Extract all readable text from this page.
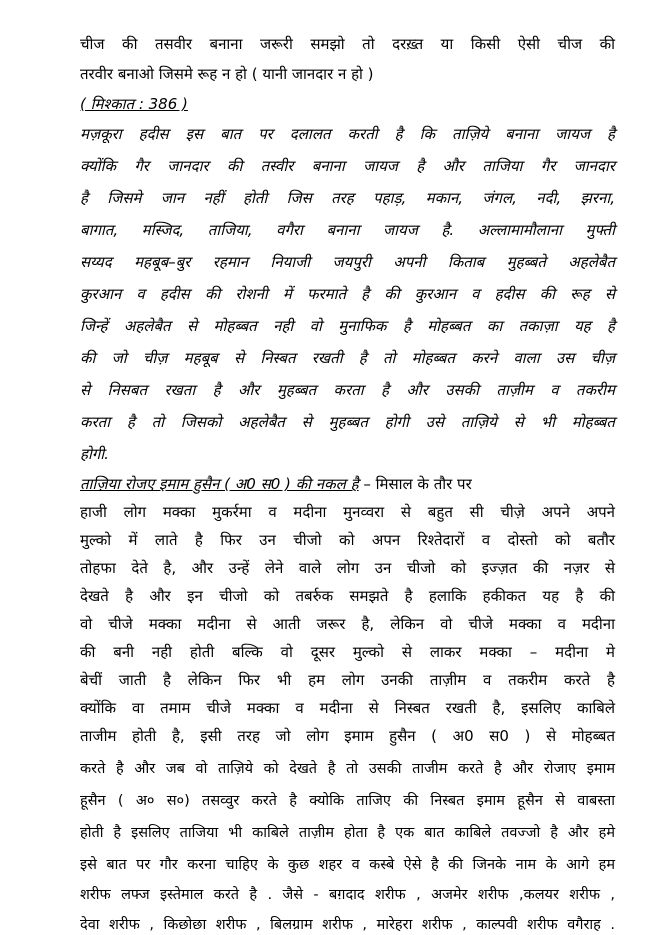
चीज की तसवीर बनाना जरूरी समझो तो दरख़्त या किसी ऐसी चीज की
तरवीर बनाओ जिसमे रूह न हो ( यानी जानदार न हो )
( मिश्कात : 386 )
मज़कूरा हदीस इस बात पर दलालत करती है कि ताज़िये बनाना जायज है
क्योंकि गैर जानदार की तस्वीर बनाना जायज है और ताजिया गैर जानदार
है जिसमे जान नहीं होती जिस तरह पहाड़, मकान, जंगल, नदी, झरना,
बागात, मस्जिद, ताजिया, वगैरा बनाना जायज है. अल्लामामौलाना मुफ्ती
सय्यद महबूब–बुर रहमान नियाजी जयपुरी अपनी किताब मुहब्बते अहलेबैत
कुरआन व हदीस की रोशनी में फरमाते है की कुरआन व हदीस की रूह से
जिन्हें अहलेबैत से मोहब्बत नही वो मुनाफिक है मोहब्बत का तकाज़ा यह है
की जो चीज़ महबूब से निस्बत रखती है तो मोहब्बत करने वाला उस चीज़
से निसबत रखता है और मुहब्बत करता है और उसकी ताज़ीम व तकरीम
करता है तो जिसको अहलेबैत से मुहब्बत होगी उसे ताज़िये से भी मोहब्बत
होगी.
ताज़िया रोजए इमाम हुसैन ( अ0 स0 ) की नकल है – मिसाल के तौर पर
हाजी लोग मक्का मुकर्रमा व मदीना मुनव्वरा से बहुत सी चीज़े अपने अपने
मुल्को में लाते है फिर उन चीजो को अपन रिश्तेदारों व दोस्तो को बतौर
तोहफा देते है, और उन्हें लेने वाले लोग उन चीजो को इज्ज़त की नज़र से
देखते है और इन चीजो को तबर्रुक समझते है हलाकि हकीकत यह है की
वो चीजे मक्का मदीना से आती जरूर है, लेकिन वो चीजे मक्का व मदीना
की बनी नही होती बल्कि वो दूसर मुल्को से लाकर मक्का – मदीना मे
बेचीं जाती है लेकिन फिर भी हम लोग उनकी ताज़ीम व तकरीम करते है
क्योंकि वा तमाम चीजे मक्का व मदीना से निस्बत रखती है, इसलिए काबिले
ताजीम होती है, इसी तरह जो लोग इमाम हुसैन ( अ0 स0 ) से मोहब्बत
करते है और जब वो ताज़िये को देखते है तो उसकी ताजीम करते है और रोजाए इमाम
हूसैन ( अ० स०) तसव्वुर करते है क्योकि ताजिए की निस्बत इमाम हूसैन से वाबस्ता
होती है इसलिए ताजिया भी काबिले ताज़ीम होता है एक बात काबिले तवज्जो है और हमे
इसे बात पर गौर करना चाहिए के कुछ शहर व कस्बे ऐसे है की जिनके नाम के आगे हम
शरीफ लफ्ज इस्तेमाल करते है . जैसे - बग़दाद शरीफ , अजमेर शरीफ ,कलयर शरीफ ,
देवा शरीफ , किछोछा शरीफ , बिलग्राम शरीफ , मारेहरा शरीफ , काल्पवी शरीफ वगैराह .
